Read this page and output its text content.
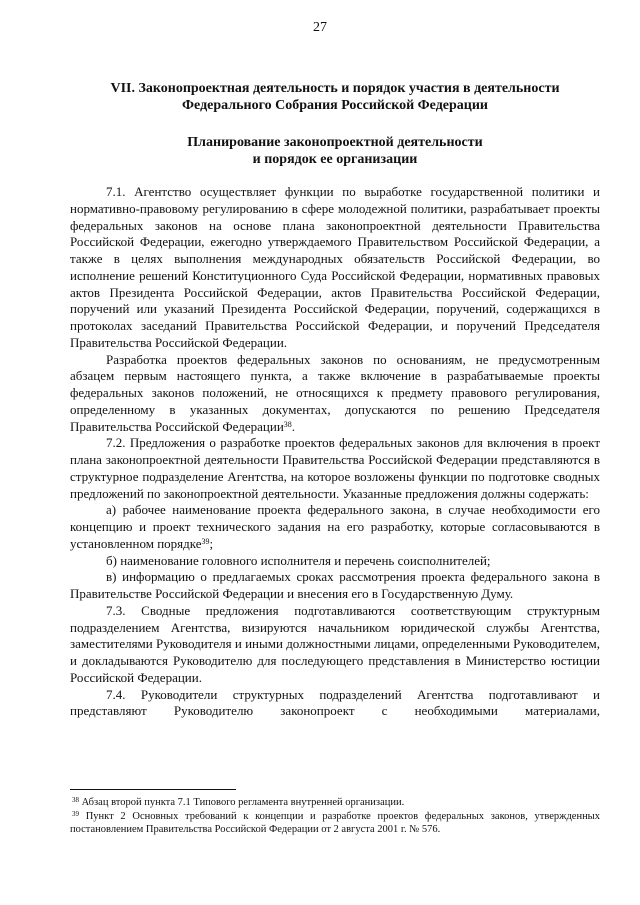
27
VII. Законопроектная деятельность и порядок участия в деятельности
Федерального Собрания Российской Федерации
Планирование законопроектной деятельности
и порядок ее организации

7.1. Агентство осуществляет функции по выработке государственной политики и нормативно-правовому регулированию в сфере молодежной политики, разрабатывает проекты федеральных законов на основе плана законопроектной деятельности Правительства Российской Федерации, ежегодно утверждаемого Правительством Российской Федерации, а также в целях выполнения международных обязательств Российской Федерации, во исполнение решений Конституционного Суда Российской Федерации, нормативных правовых актов Президента Российской Федерации, актов Правительства Российской Федерации, поручений или указаний Президента Российской Федерации, поручений, содержащихся в протоколах заседаний Правительства Российской Федерации, и поручений Председателя Правительства Российской Федерации.

Разработка проектов федеральных законов по основаниям, не предусмотренным абзацем первым настоящего пункта, а также включение в разрабатываемые проекты федеральных законов положений, не относящихся к предмету правового регулирования, определенному в указанных документах, допускаются по решению Председателя Правительства Российской Федерации$^{38}$.

7.2. Предложения о разработке проектов федеральных законов для включения в проект плана законопроектной деятельности Правительства Российской Федерации представляются в структурное подразделение Агентства, на которое возложены функции по подготовке сводных предложений по законопроектной деятельности. Указанные предложения должны содержать:

а) рабочее наименование проекта федерального закона, в случае необходимости его концепцию и проект технического задания на его разработку, которые согласовываются в установленном порядке$^{39}$;

б) наименование головного исполнителя и перечень соисполнителей;

в) информацию о предлагаемых сроках рассмотрения проекта федерального закона в Правительстве Российской Федерации и внесения его в Государственную Думу.

7.3. Сводные предложения подготавливаются соответствующим структурным подразделением Агентства, визируются начальником юридической службы Агентства, заместителями Руководителя и иными должностными лицами, определенными Руководителем, и докладываются Руководителю для последующего представления в Министерство юстиции Российской Федерации.

7.4. Руководители структурных подразделений Агентства подготавливают и представляют Руководителю законопроект с необходимыми материалами,

$^{38}$ Абзац второй пункта 7.1 Типового регламента внутренней организации.

$^{39}$ Пункт 2 Основных требований к концепции и разработке проектов федеральных законов, утвержденных постановлением Правительства Российской Федерации от 2 августа 2001 г. № 576.
